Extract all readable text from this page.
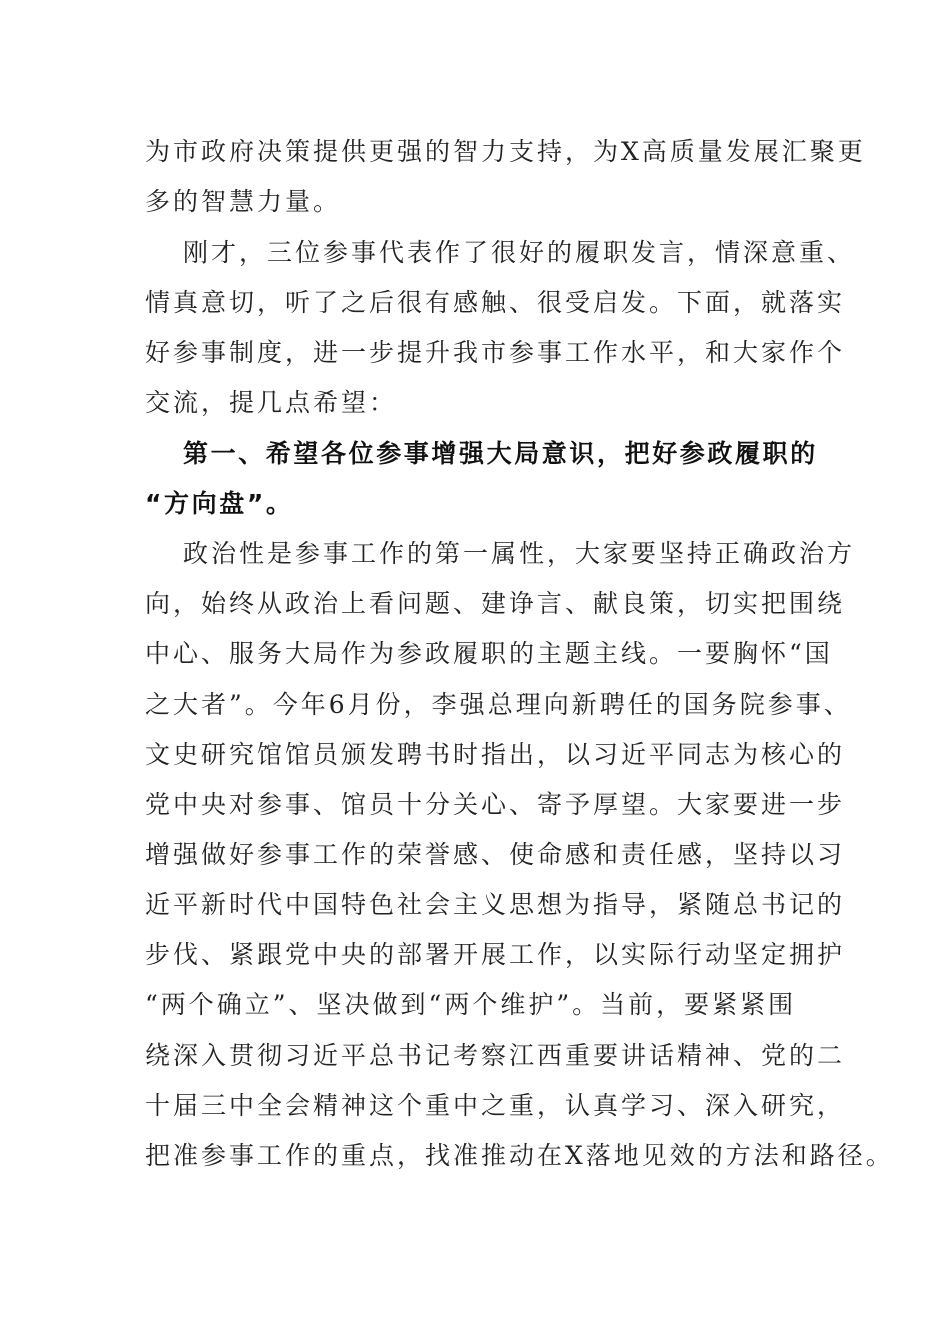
为市政府决策提供更强的智力支持，为X高质量发展汇聚更

多的智慧力量。

刚才，三位参事代表作了很好的履职发言，情深意重、

情真意切，听了之后很有感触、很受启发。下面，就落实

好参事制度，进一步提升我市参事工作水平，和大家作个

交流，提几点希望：

第一、希望各位参事增强大局意识，把好参政履职的

“方向盘”。

政治性是参事工作的第一属性，大家要坚持正确政治方

向，始终从政治上看问题、建诤言、献良策，切实把围绕

中心、服务大局作为参政履职的主题主线。一要胸怀“国

之大者”。今年6月份，李强总理向新聘任的国务院参事、

文史研究馆馆员颁发聘书时指出，以习近平同志为核心的

党中央对参事、馆员十分关心、寄予厚望。大家要进一步

增强做好参事工作的荣誉感、使命感和责任感，坚持以习

近平新时代中国特色社会主义思想为指导，紧随总书记的

步伐、紧跟党中央的部署开展工作，以实际行动坚定拥护

“两个确立”、坚决做到“两个维护”。当前，要紧紧围

绕深入贯彻习近平总书记考察江西重要讲话精神、党的二

十届三中全会精神这个重中之重，认真学习、深入研究，

把准参事工作的重点，找准推动在X落地见效的方法和路径。
